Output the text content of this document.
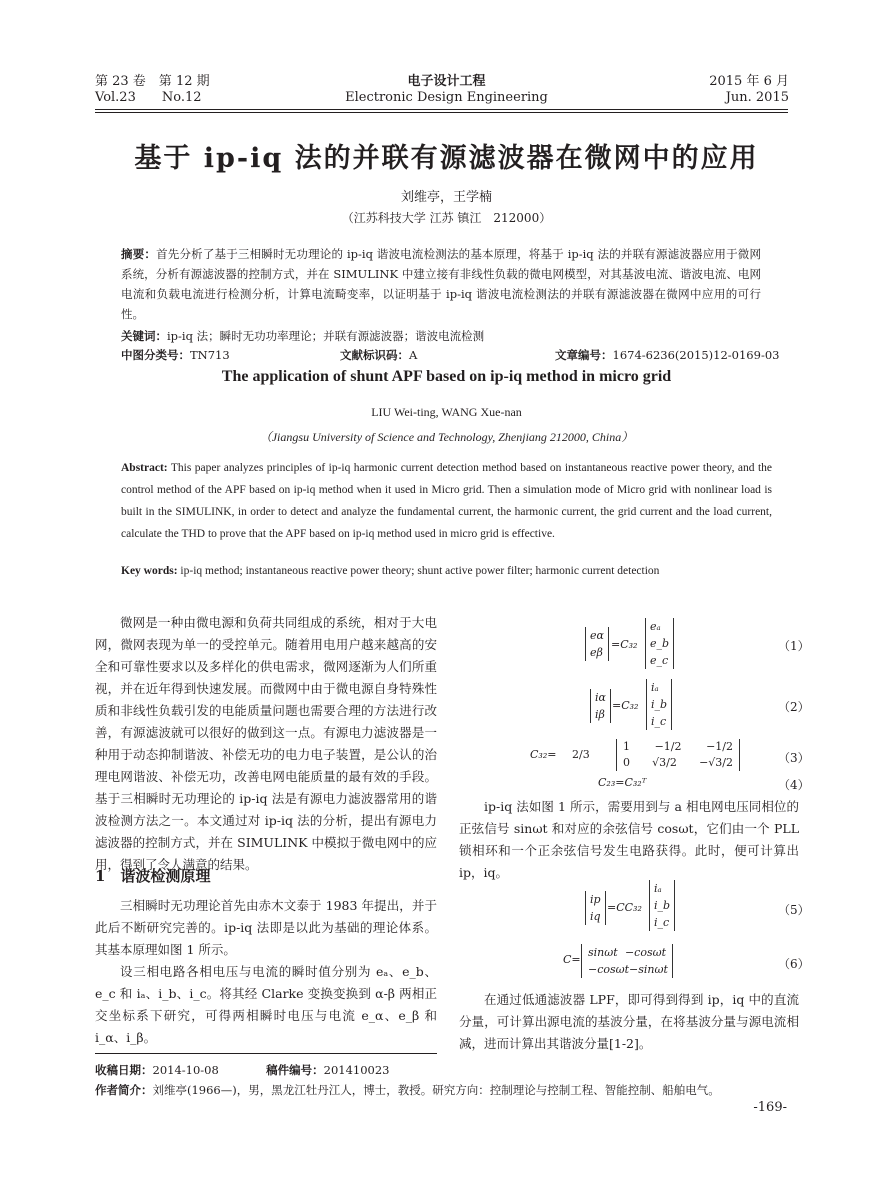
第 23 卷　第 12 期
Vol.23　　No.12
电子设计工程
Electronic Design Engineering
2015 年 6 月
Jun. 2015
基于 ip-iq 法的并联有源滤波器在微网中的应用
刘维亭，王学楠
（江苏科技大学 江苏 镇江　212000）
摘要：首先分析了基于三相瞬时无功理论的 ip-iq 谐波电流检测法的基本原理，将基于 ip-iq 法的并联有源滤波器应用于微网系统，分析有源滤波器的控制方式，并在 SIMULINK 中建立接有非线性负载的微电网模型，对其基波电流、谐波电流、电网电流和负载电流进行检测分析，计算电流畸变率，以证明基于 ip-iq 谐波电流检测法的并联有源滤波器在微网中应用的可行性。
关键词：ip-iq 法；瞬时无功功率理论；并联有源滤波器；谐波电流检测
中图分类号：TN713	文献标识码：A	文章编号：1674-6236(2015)12-0169-03
The application of shunt APF based on ip-iq method in micro grid
LIU Wei-ting, WANG Xue-nan
（Jiangsu University of Science and Technology, Zhenjiang 212000, China）
Abstract: This paper analyzes principles of ip-iq harmonic current detection method based on instantaneous reactive power theory, and the control method of the APF based on ip-iq method when it used in Micro grid. Then a simulation mode of Micro grid with nonlinear load is built in the SIMULINK, in order to detect and analyze the fundamental current, the harmonic current, the grid current and the load current, calculate the THD to prove that the APF based on ip-iq method used in micro grid is effective.
Key words: ip-iq method; instantaneous reactive power theory; shunt active power filter; harmonic current detection

微网是一种由微电源和负荷共同组成的系统，相对于大电网，微网表现为单一的受控单元。随着用电用户越来越高的安全和可靠性要求以及多样化的供电需求，微网逐渐为人们所重视，并在近年得到快速发展。而微网中由于微电源自身特殊性质和非线性负载引发的电能质量问题也需要合理的方法进行改善，有源滤波就可以很好的做到这一点。有源电力滤波器是一种用于动态抑制谐波、补偿无功的电力电子装置，是公认的治理电网谐波、补偿无功，改善电网电能质量的最有效的手段。基于三相瞬时无功理论的 ip-iq 法是有源电力滤波器常用的谐波检测方法之一。本文通过对 ip-iq 法的分析，提出有源电力滤波器的控制方式，并在 SIMULINK 中模拟于微电网中的应用，得到了令人满意的结果。

1　谐波检测原理

三相瞬时无功理论首先由赤木文泰于 1983 年提出，并于此后不断研究完善的。ip-iq 法即是以此为基础的理论体系。其基本原理如图 1 所示。

设三相电路各相电压与电流的瞬时值分别为 eₐ、e_b、e_c 和 iₐ、i_b、i_c。将其经 Clarke 变换变换到 α-β 两相正交坐标系下研究，可得两相瞬时电压与电流 e_α、e_β 和 i_α、i_β。

eα
eβ
=C₃₂
eₐ
e_b
e_c
（1）
iα
iβ
=C₃₂
iₐ
i_b
i_c
（2）
C₃₂= 2/3
1 −1/2 −1/2
0 √3/2 −√3/2	（3）
C₂₃=C₃₂ᵀ	（4）

ip-iq 法如图 1 所示，需要用到与 a 相电网电压同相位的正弦信号 sinωt 和对应的余弦信号 cosωt，它们由一个 PLL 锁相环和一个正余弦信号发生电路获得。此时，便可计算出 ip，iq。

ip
iq
=CC₃₂
iₐ
i_b
i_c
（5）
C=
sinωt −cosωt
−cosωt −sinωt	（6）

在通过低通滤波器 LPF，即可得到得到 ip，iq 中的直流分量，可计算出源电流的基波分量，在将基波分量与源电流相减，进而计算出其谐波分量[1-2]。

收稿日期：2014-10-08	稿件编号：201410023
作者简介：刘维亭(1966—)，男，黑龙江牡丹江人，博士，教授。研究方向：控制理论与控制工程、智能控制、船舶电气。
-169-
